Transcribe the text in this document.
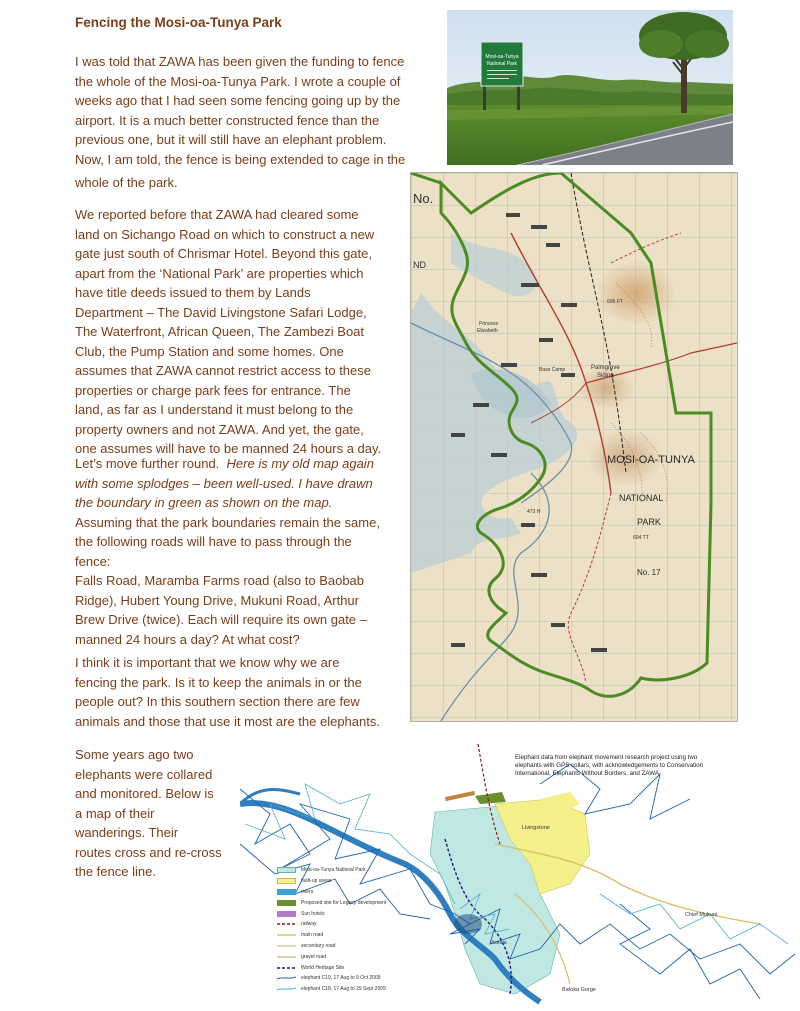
Fencing the Mosi-oa-Tunya Park

I was told that ZAWA has been given the funding to fence

the whole of the Mosi-oa-Tunya Park. I wrote a couple of

weeks ago that I had seen some fencing going up by the

airport. It is a much better constructed fence than the

previous one, but it will still have an elephant problem.

Now, I am told, the fence is being extended to cage in the

whole of the park.

We reported before that ZAWA had cleared some

land on Sichango Road on which to construct a new

gate just south of Chrismar Hotel. Beyond this gate,

apart from the ‘National Park’ are properties which

have title deeds issued to them by Lands

Department – The David Livingstone Safari Lodge,

The Waterfront, African Queen, The Zambezi Boat

Club, the Pump Station and some homes. One

assumes that ZAWA cannot restrict access to these

properties or charge park fees for entrance. The

land, as far as I understand it must belong to the

property owners and not ZAWA. And yet, the gate,

one assumes will have to be manned 24 hours a day.

Let’s move further round. Here is my old map again

with some splodges – been well-used. I have drawn

the boundary in green as shown on the map.

Assuming that the park boundaries remain the same,

the following roads will have to pass through the

fence:

Falls Road, Maramba Farms road (also to Baobab

Ridge), Hubert Young Drive, Mukuni Road, Arthur

Brew Drive (twice). Each will require its own gate –

manned 24 hours a day? At what cost?

I think it is important that we know why we are

fencing the park. Is it to keep the animals in or the

people out? In this southern section there are few

animals and those that use it most are the elephants.

Some years ago two

elephants were collared

and monitored. Below is

a map of their

wanderings. Their

routes cross and re-cross

the fence line.

Mosi-oa-Tunya
National Park
No.
ND
Princess
Elizabeth
Palmgrove
Siding
Base Camp
MOSI-OA-TUNYA
NATIONAL
PARK
No. 17
605 FT
604 TT
473 H
Livingstone
Chief Mukuni
Batoka Gorge
Victoria
Elephant data from elephant movement research project using two elephants with GPS collars, with acknowledgements to Conservation International, Elephants Without Borders, and ZAWA
Mosi-oa-Tunya National Park
built-up areas
rivers
Proposed site for Legacy development
Sun hotels
railway
main road
secondary road
gravel road
World Heritage Site
elephant C19, 17 Aug to 9 Oct 2009
elephant C18, 17 Aug to 29 Sept 2009
